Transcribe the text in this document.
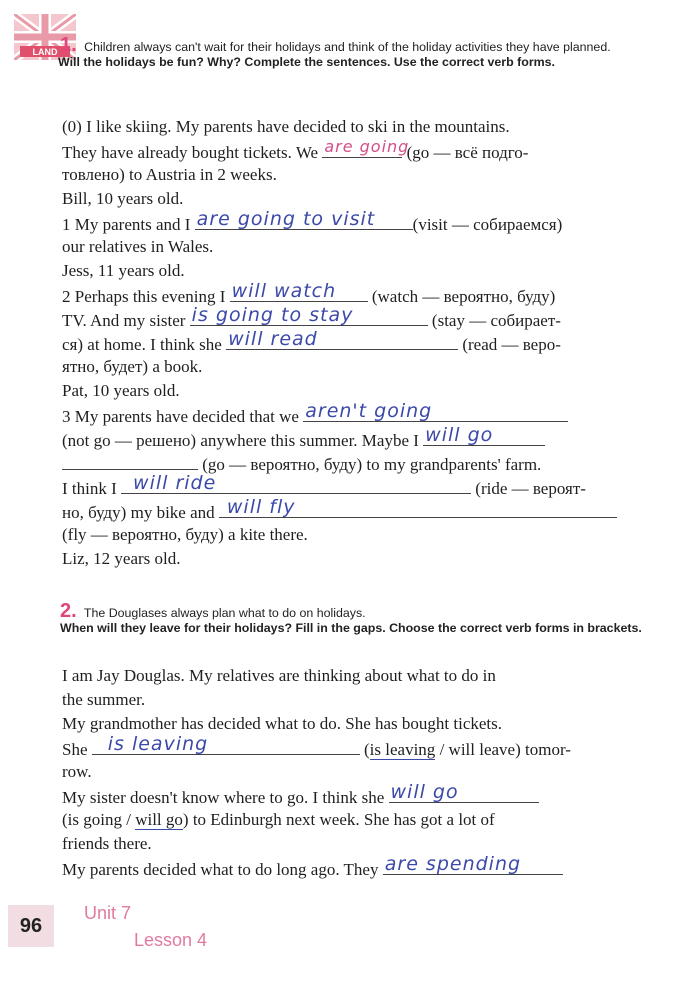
LAND 1. Children always can't wait for their holidays and think of the holiday activities they have planned.
Will the holidays be fun? Why? Complete the sentences. Use the correct verb forms.
(0) I like skiing. My parents have decided to ski in the mountains.
They have already bought tickets. We are going
(go — всё подго-
товлено) to Austria in 2 weeks.
Bill, 10 years old.
1 My parents and I are going to visit (visit — собираемся)
our relatives in Wales.
Jess, 11 years old.
2 Perhaps this evening I will watch (watch — вероятно, буду)
TV. And my sister is going to stay	(stay — собирает-
ся) at home. I think she will read	(read — веро-
ятно, будет) a book.
Pat, 10 years old.
3 My parents have decided that we aren't going
(not go — решено) anywhere this summer. Maybe I will go
(go — вероятно, буду) to my grandparents' farm.
I think I will ride	(ride — вероят-
но, буду) my bike and will fly
(fly — вероятно, буду) a kite there.
Liz, 12 years old.
2. The Douglases always plan what to do on holidays.
When will they leave for their holidays? Fill in the gaps. Choose the correct verb forms in brackets.
I am Jay Douglas. My relatives are thinking about what to do in
the summer.
My grandmother has decided what to do. She has bought tickets.
She is leaving	(is leaving / will leave) tomor-
row.
My sister doesn't know where to go. I think she will go
(is going / will go) to Edinburgh next week. She has got a lot of
friends there.
My parents decided what to do long ago. They are spending
96
Unit 7
Lesson 4
